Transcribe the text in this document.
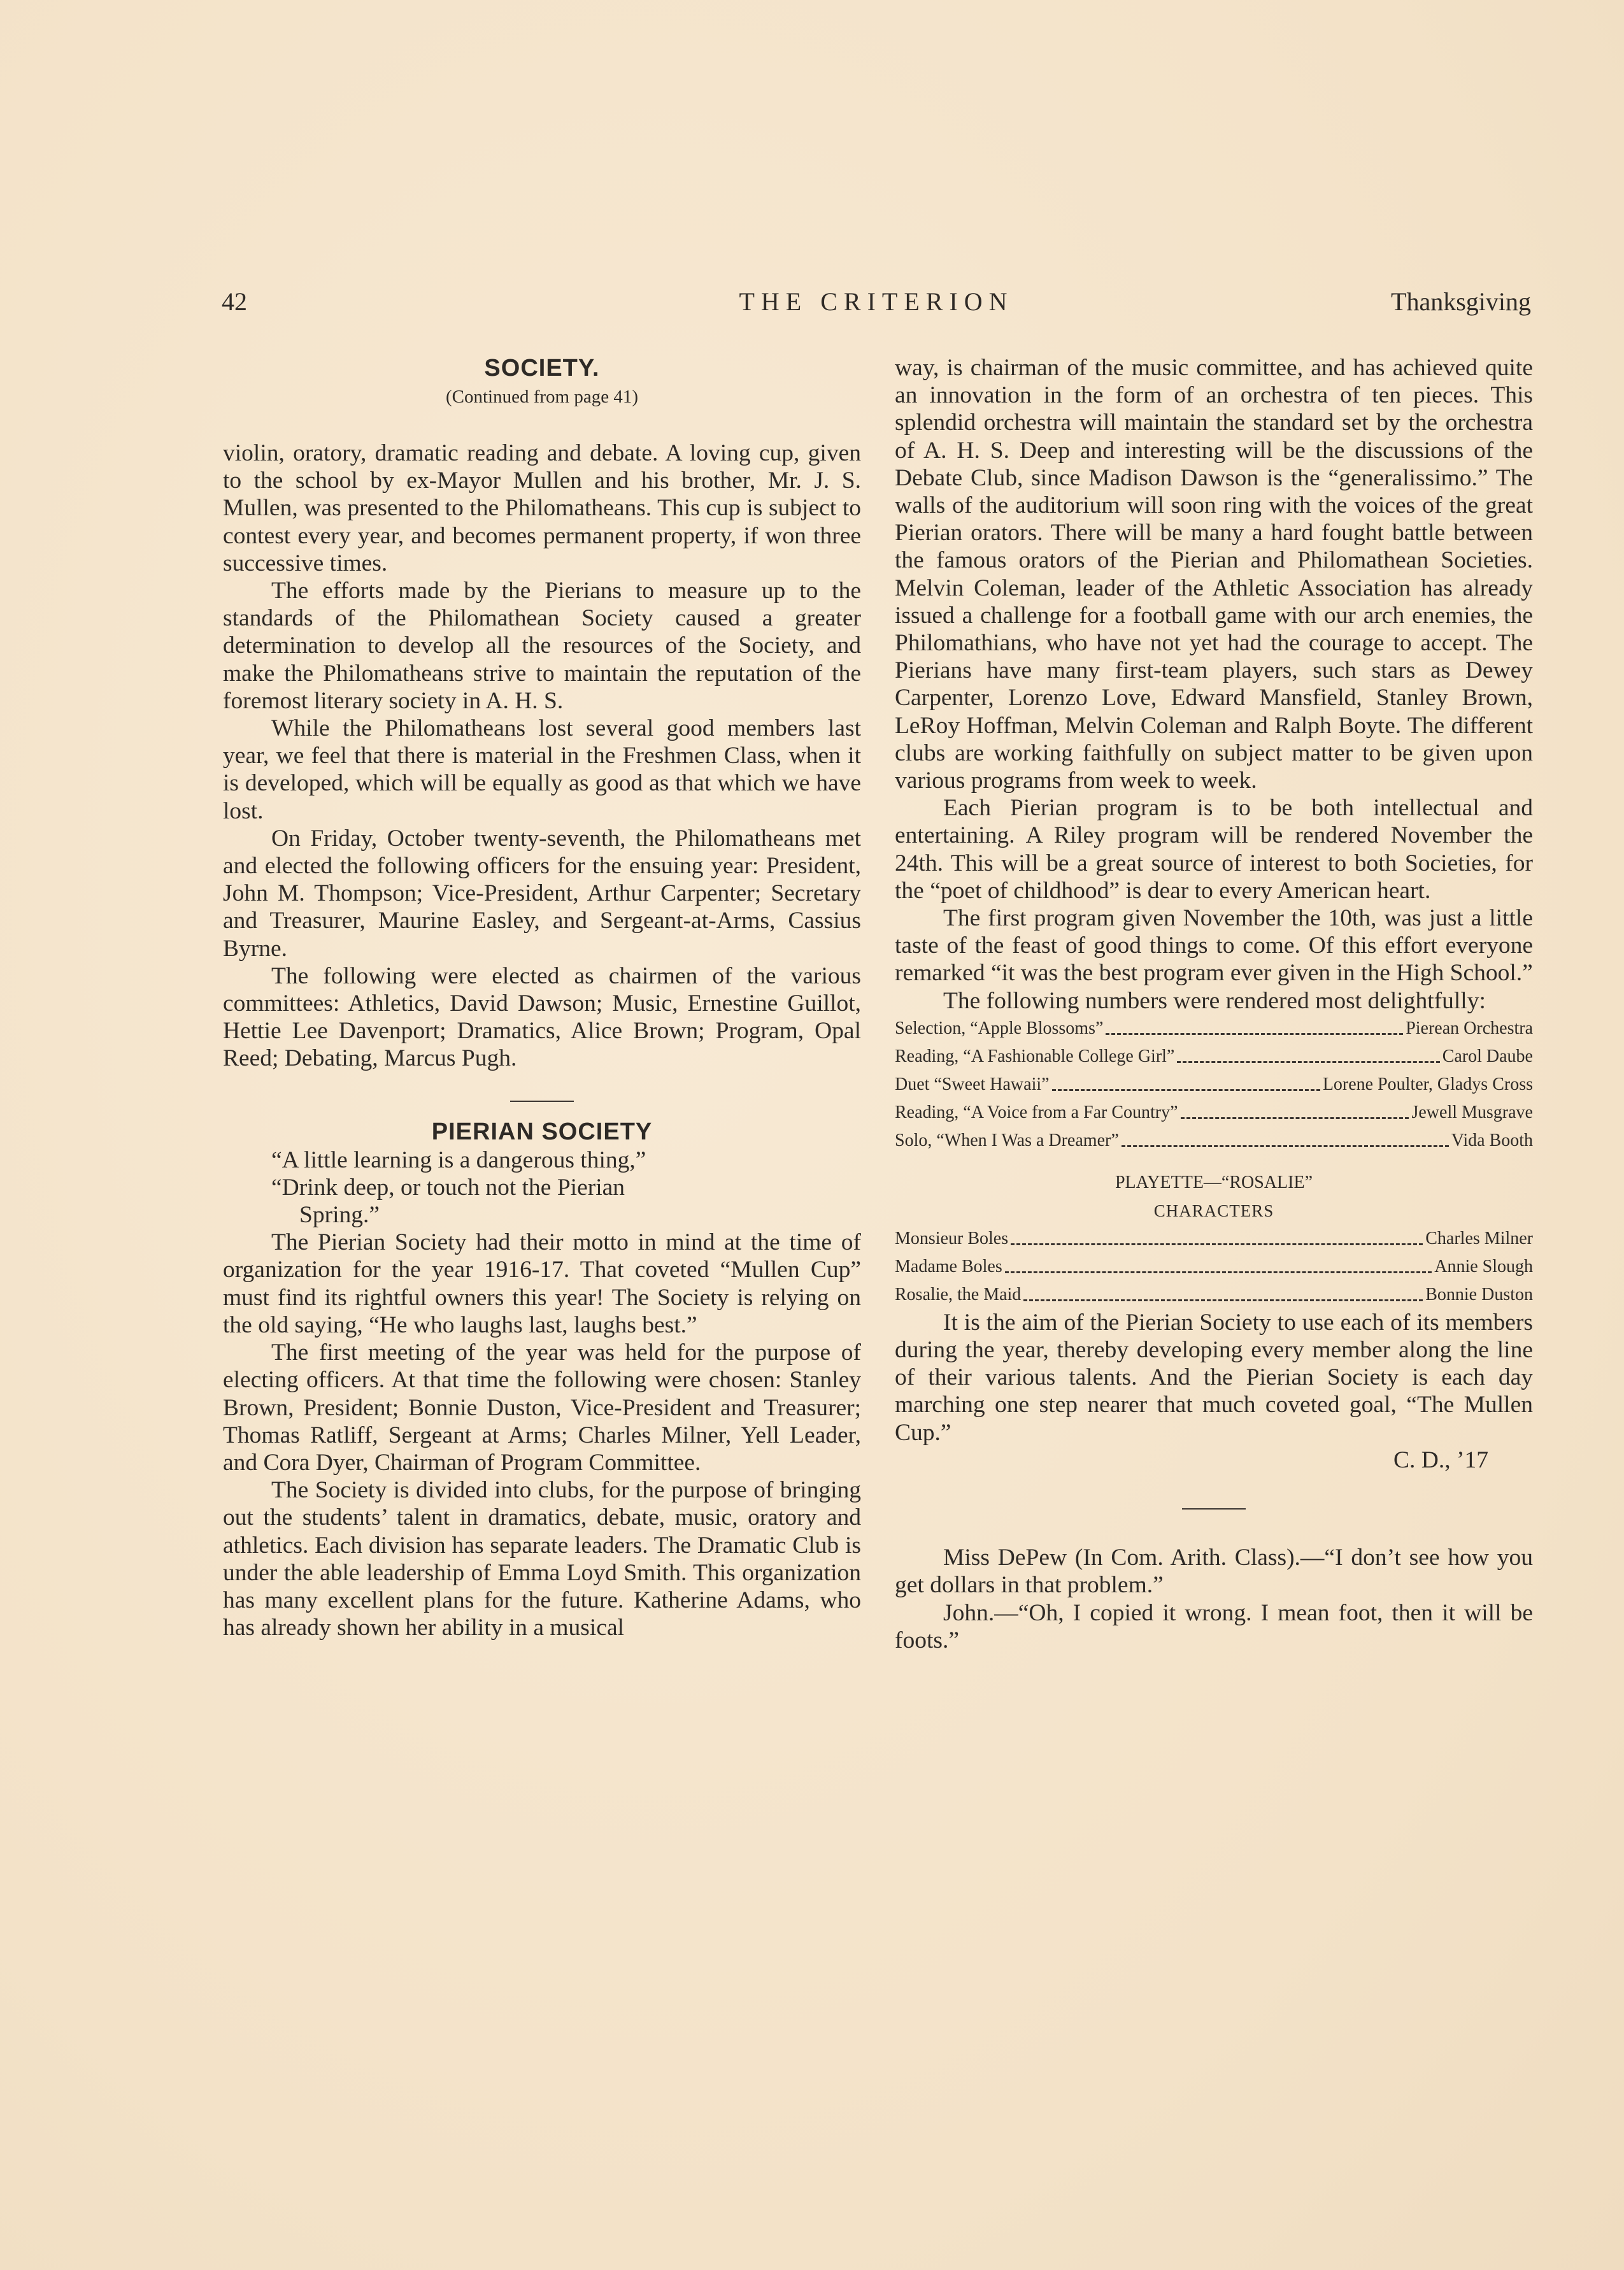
42	THE CRITERION	Thanksgiving
SOCIETY.
(Continued from page 41)

violin, oratory, dramatic reading and debate. A loving cup, given to the school by ex-Mayor Mullen and his brother, Mr. J. S. Mullen, was presented to the Philomatheans. This cup is subject to contest every year, and becomes permanent property, if won three successive times.

The efforts made by the Pierians to measure up to the standards of the Philomathean Society caused a greater determination to develop all the resources of the Society, and make the Philomatheans strive to maintain the reputation of the foremost literary society in A. H. S.

While the Philomatheans lost several good members last year, we feel that there is material in the Freshmen Class, when it is developed, which will be equally as good as that which we have lost.

On Friday, October twenty-seventh, the Philomatheans met and elected the following officers for the ensuing year: President, John M. Thompson; Vice-President, Arthur Carpenter; Secretary and Treasurer, Maurine Easley, and Sergeant-at-Arms, Cassius Byrne.

The following were elected as chairmen of the various committees: Athletics, David Dawson; Music, Ernestine Guillot, Hettie Lee Davenport; Dramatics, Alice Brown; Program, Opal Reed; Debating, Marcus Pugh.

PIERIAN SOCIETY
“A little learning is a dangerous thing,”
“Drink deep, or touch not the Pierian
Spring.”

The Pierian Society had their motto in mind at the time of organization for the year 1916-17. That coveted “Mullen Cup” must find its rightful owners this year! The Society is relying on the old saying, “He who laughs last, laughs best.”

The first meeting of the year was held for the purpose of electing officers. At that time the following were chosen: Stanley Brown, President; Bonnie Duston, Vice-President and Treasurer; Thomas Ratliff, Sergeant at Arms; Charles Milner, Yell Leader, and Cora Dyer, Chairman of Program Committee.

The Society is divided into clubs, for the purpose of bringing out the students’ talent in dramatics, debate, music, oratory and athletics. Each division has separate leaders. The Dramatic Club is under the able leadership of Emma Loyd Smith. This organization has many excellent plans for the future. Katherine Adams, who has already shown her ability in a musical

way, is chairman of the music committee, and has achieved quite an innovation in the form of an orchestra of ten pieces. This splendid orchestra will maintain the standard set by the orchestra of A. H. S. Deep and interesting will be the discussions of the Debate Club, since Madison Dawson is the “generalissimo.” The walls of the auditorium will soon ring with the voices of the great Pierian orators. There will be many a hard fought battle between the famous orators of the Pierian and Philomathean Societies. Melvin Coleman, leader of the Athletic Association has already issued a challenge for a football game with our arch enemies, the Philomathians, who have not yet had the courage to accept. The Pierians have many first-team players, such stars as Dewey Carpenter, Lorenzo Love, Edward Mansfield, Stanley Brown, LeRoy Hoffman, Melvin Coleman and Ralph Boyte. The different clubs are working faithfully on subject matter to be given upon various programs from week to week.

Each Pierian program is to be both intellectual and entertaining. A Riley program will be rendered November the 24th. This will be a great source of interest to both Societies, for the “poet of childhood” is dear to every American heart.

The first program given November the 10th, was just a little taste of the feast of good things to come. Of this effort everyone remarked “it was the best program ever given in the High School.”

The following numbers were rendered most delightfully:

Selection, “Apple Blossoms”	Pierean Orchestra
Reading, “A Fashionable College Girl”	Carol Daube
Duet “Sweet Hawaii”	Lorene Poulter, Gladys Cross
Reading, “A Voice from a Far Country”	Jewell Musgrave
Solo, “When I Was a Dreamer”	Vida Booth
PLAYETTE—“ROSALIE”
CHARACTERS
Monsieur Boles	Charles Milner
Madame Boles	Annie Slough
Rosalie, the Maid	Bonnie Duston

It is the aim of the Pierian Society to use each of its members during the year, thereby developing every member along the line of their various talents. And the Pierian Society is each day marching one step nearer that much coveted goal, “The Mullen Cup.”

C. D., ’17

Miss DePew (In Com. Arith. Class).—“I don’t see how you get dollars in that problem.”

John.—“Oh, I copied it wrong. I mean foot, then it will be foots.”
